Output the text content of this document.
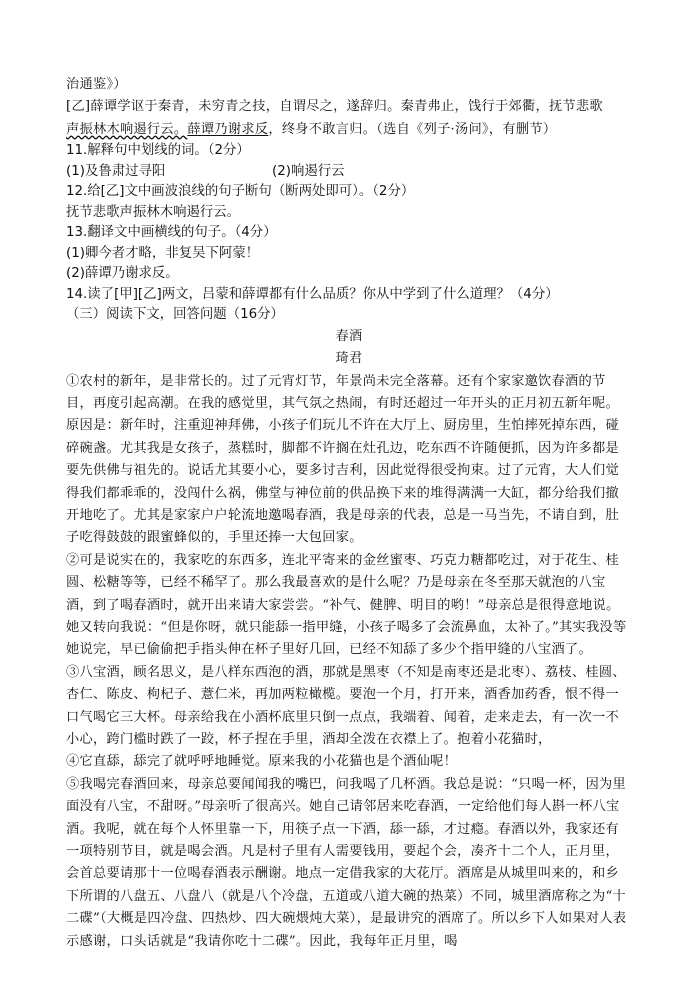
治通鉴》）

[乙]薛谭学讴于秦青，未穷青之技，自谓尽之，遂辞归。秦青弗止，饯行于郊衢，抚节悲歌

声振林木响遏行云。薛谭乃谢求反，终身不敢言归。（选自《列子·汤问》，有删节）

11.解释句中划线的词。（2分）

(1)及鲁肃过寻阳	(2)响遏行云

12.给[乙]文中画波浪线的句子断句（断两处即可）。（2分）

抚节悲歌声振林木响遏行云。

13.翻译文中画横线的句子。（4分）

(1)卿今者才略，非复吴下阿蒙！

(2)薛谭乃谢求反。

14.读了[甲][乙]两文，吕蒙和薛谭都有什么品质？你从中学到了什么道理？（4分）

（三）阅读下文，回答问题（16分）

春酒

琦君

①农村的新年，是非常长的。过了元宵灯节，年景尚未完全落幕。还有个家家邀饮春酒的节目，再度引起高潮。在我的感觉里，其气氛之热闹，有时还超过一年开头的正月初五新年呢。原因是：新年时，注重迎神拜佛，小孩子们玩儿不许在大厅上、厨房里，生怕摔死掉东西，碰碎碗盏。尤其我是女孩子，蒸糕时，脚都不许搁在灶孔边，吃东西不许随便抓，因为许多都是要先供佛与祖先的。说话尤其要小心，要多讨吉利，因此觉得很受拘束。过了元宵，大人们觉得我们都乖乖的，没闯什么祸，佛堂与神位前的供品换下来的堆得满满一大缸，都分给我们撤开地吃了。尤其是家家户户轮流地邀喝春酒，我是母亲的代表，总是一马当先，不请自到，肚子吃得鼓鼓的跟蜜蜂似的，手里还捧一大包回家。

②可是说实在的，我家吃的东西多，连北平寄来的金丝蜜枣、巧克力糖都吃过，对于花生、桂圆、松糖等等，已经不稀罕了。那么我最喜欢的是什么呢？乃是母亲在冬至那天就泡的八宝酒，到了喝春酒时，就开出来请大家尝尝。“补气、健脾、明目的哟！”母亲总是很得意地说。她又转向我说：“但是你呀，就只能舔一指甲缝，小孩子喝多了会流鼻血，太补了。”其实我没等她说完，早已偷偷把手指头伸在杯子里好几回，已经不知舔了多少个指甲缝的八宝酒了。

③八宝酒，顾名思义，是八样东西泡的酒，那就是黑枣（不知是南枣还是北枣）、荔枝、桂圆、杏仁、陈皮、枸杞子、薏仁米，再加两粒橄榄。要泡一个月，打开来，酒香加药香，恨不得一口气喝它三大杯。母亲给我在小酒杯底里只倒一点点，我端着、闻着，走来走去，有一次一不小心，跨门槛时跌了一跤，杯子捏在手里，酒却全泼在衣襟上了。抱着小花猫时，

④它直舔，舔完了就呼呼地睡觉。原来我的小花猫也是个酒仙呢！

⑤我喝完春酒回来，母亲总要闻闻我的嘴巴，问我喝了几杯酒。我总是说：“只喝一杯，因为里面没有八宝，不甜呀。”母亲听了很高兴。她自己请邻居来吃春酒，一定给他们每人斟一杯八宝酒。我呢，就在每个人怀里靠一下，用筷子点一下酒，舔一舔，才过瘾。春酒以外，我家还有一项特别节目，就是喝会酒。凡是村子里有人需要钱用，要起个会，凑齐十二个人，正月里，会首总要请那十一位喝春酒表示酬谢。地点一定借我家的大花厅。酒席是从城里叫来的，和乡下所谓的八盘五、八盘八（就是八个冷盘，五道或八道大碗的热菜）不同，城里酒席称之为“十二碟”（大概是四冷盘、四热炒、四大碗煨炖大菜），是最讲究的酒席了。所以乡下人如果对人表示感谢，口头话就是“我请你吃十二碟”。因此，我每年正月里，喝
